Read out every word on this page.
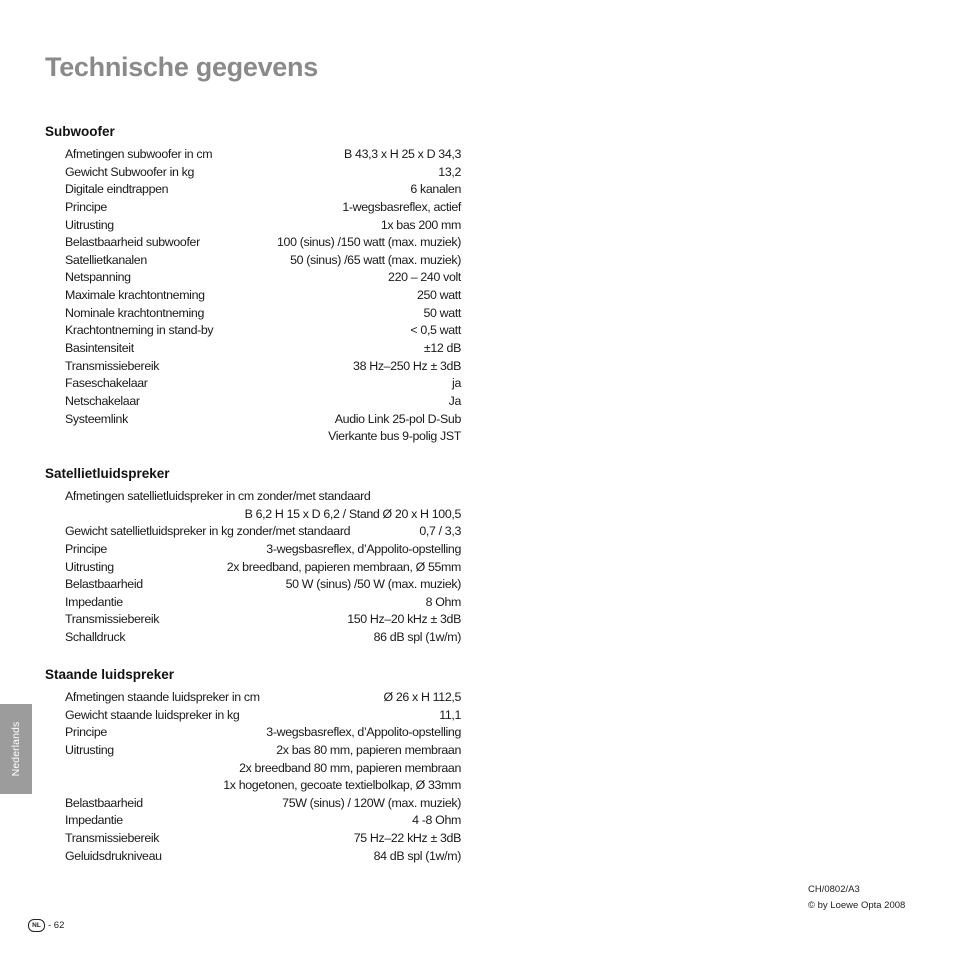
Technische gegevens
Subwoofer
Afmetingen subwoofer in cm	B 43,3 x H 25 x D 34,3
Gewicht Subwoofer in kg	13,2
Digitale eindtrappen	6 kanalen
Principe	1-wegsbasreflex, actief
Uitrusting	1x bas 200 mm
Belastbaarheid subwoofer	100 (sinus) /150 watt (max. muziek)
Satellietkanalen	50 (sinus) /65 watt (max. muziek)
Netspanning	220 – 240 volt
Maximale krachtontneming	250 watt
Nominale krachtontneming	50 watt
Krachtontneming in stand-by	< 0,5 watt
Basintensiteit	±12 dB
Transmissiebereik	38 Hz–250 Hz ± 3dB
Faseschakelaar	ja
Netschakelaar	Ja
Systeemlink	Audio Link 25-pol D-Sub
Vierkante bus 9-polig JST
Satellietluidspreker
Afmetingen satellietluidspreker in cm zonder/met standaard
B 6,2 H 15 x D 6,2 / Stand Ø 20 x H 100,5
Gewicht satellietluidspreker in kg zonder/met standaard	0,7 / 3,3
Principe	3-wegsbasreflex, d’Appolito-opstelling
Uitrusting	2x breedband, papieren membraan, Ø 55mm
Belastbaarheid	50 W (sinus) /50 W (max. muziek)
Impedantie	8 Ohm
Transmissiebereik	150 Hz–20 kHz ± 3dB
Schalldruck	86 dB spl (1w/m)
Staande luidspreker
Afmetingen staande luidspreker in cm	Ø 26 x H 112,5
Gewicht staande luidspreker in kg	11,1
Principe	3-wegsbasreflex, d’Appolito-opstelling
Uitrusting	2x bas 80 mm, papieren membraan
2x breedband 80 mm, papieren membraan
1x hogetonen, gecoate textielbolkap, Ø 33mm
Belastbaarheid	75W (sinus) / 120W (max. muziek)
Impedantie	4 -8 Ohm
Transmissiebereik	75 Hz–22 kHz ± 3dB
Geluidsdrukniveau	84 dB spl (1w/m)
Nederlands
CH/0802/A3
© by Loewe Opta 2008
NL - 62
